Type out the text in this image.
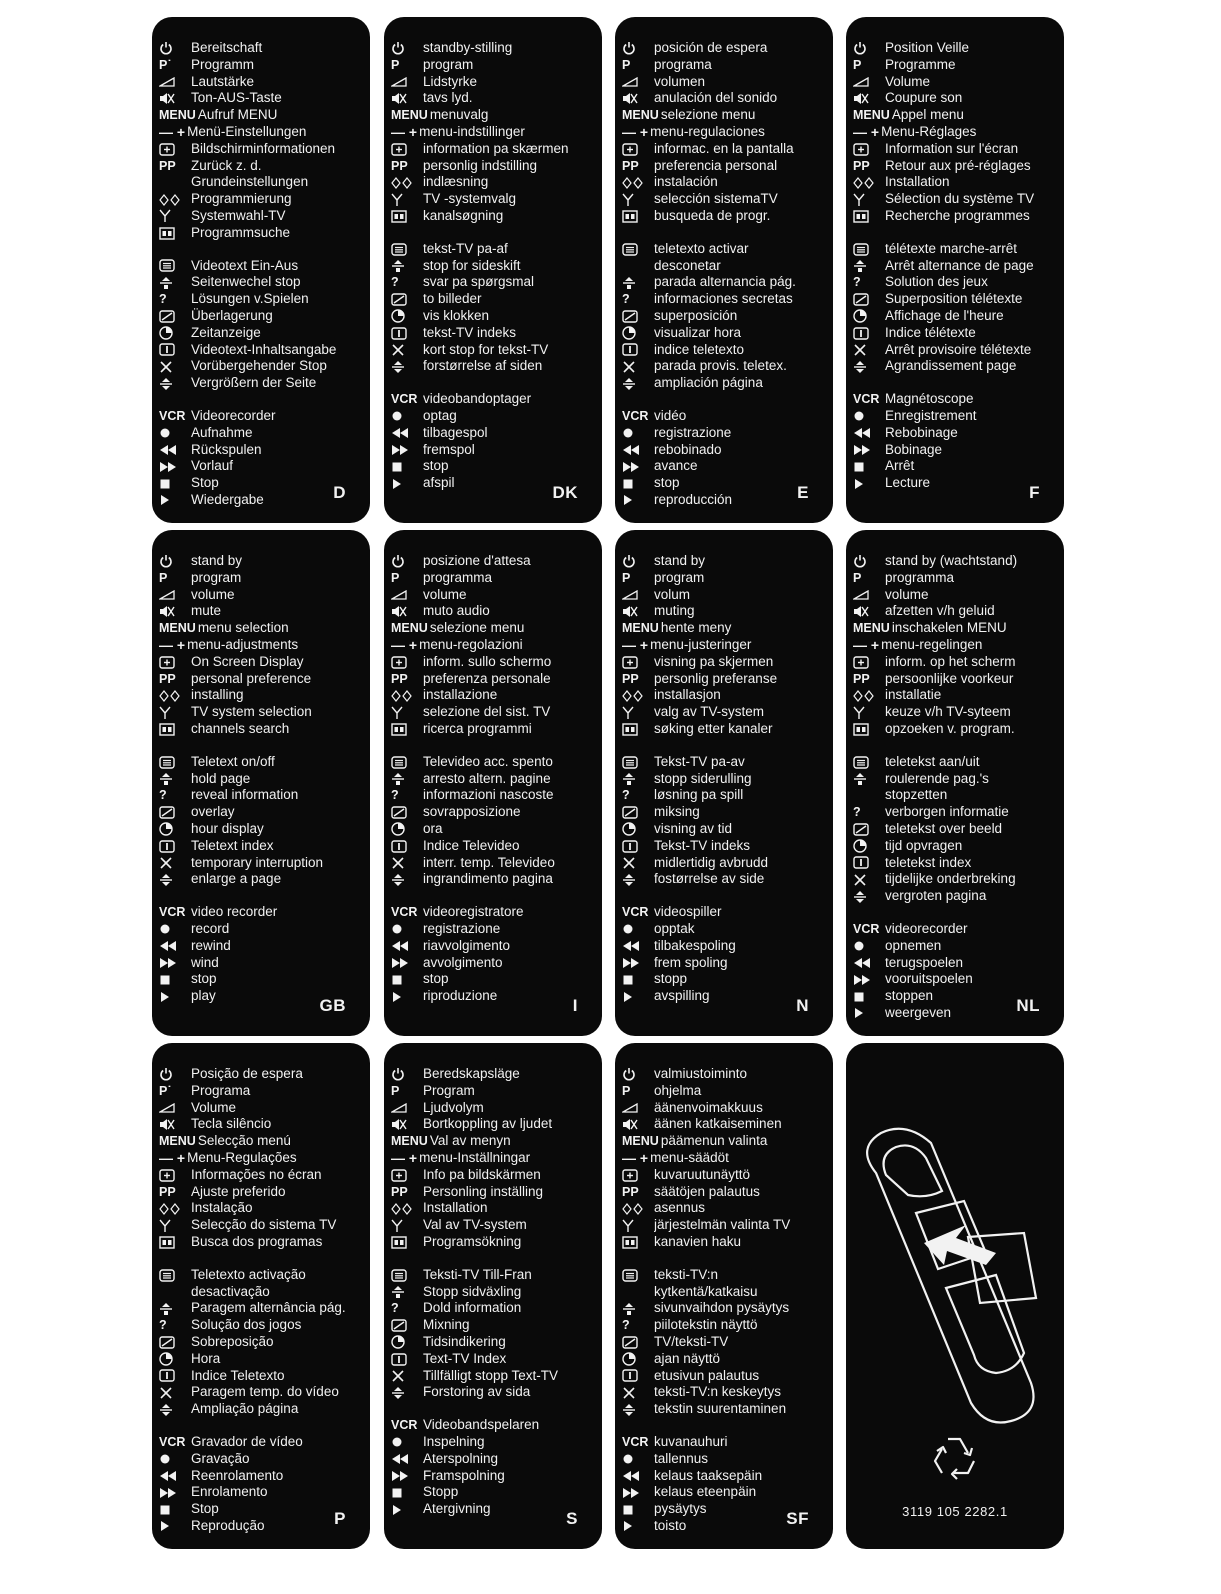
Bereitschaft
P˙	Programm
Lautstärke
Ton-AUS-Taste
MENU Aufruf MENU
— + Menü-Einstellungen
Bildschirminformationen
PP	Zurück z. d.
Grundeinstellungen
Programmierung
Systemwahl-TV
Programmsuche
Videotext Ein-Aus
Seitenwechel stop
?	Lösungen v.Spielen
Überlagerung
Zeitanzeige
Videotext-Inhaltsangabe
Vorübergehender Stop
Vergrößern der Seite
VCR Videorecorder
Aufnahme
Rückspulen
Vorlauf
Stop
Wiedergabe	D
standby-stilling
P	program
Lidstyrke
tavs lyd.
MENU menuvalg
— + menu-indstillinger
information pa skærmen
PP	personlig indstilling
indlæsning
TV -systemvalg
kanalsøgning
tekst-TV pa-af
stop for sideskift
?	svar pa spørgsmal
to billeder
vis klokken
tekst-TV indeks
kort stop for tekst-TV
forstørrelse af siden
VCR videobandoptager
optag
tilbagespol
fremspol
stop
afspil
DK
posición de espera
P	programa
volumen
anulación del sonido
MENU selezione menu
— + menu-regulaciones
informac. en la pantalla
PP	preferencia personal
instalación
selección sistemaTV
busqueda de progr.
teletexto activar
desconetar
parada alternancia pág.
?	informaciones secretas
superposición
visualizar hora
indice teletexto
parada provis. teletex.
ampliación página
VCR vidéo
registrazione
rebobinado
avance
stop
reproducción	E
Position Veille
P	Programme
Volume
Coupure son
MENU Appel menu
— + Menu-Réglages
Information sur l'écran
PP	Retour aux pré-réglages
Installation
Sélection du système TV
Recherche programmes
télétexte marche-arrêt
Arrêt alternance de page
?	Solution des jeux
Superposition télétexte
Affichage de l'heure
Indice télétexte
Arrêt provisoire télétexte
Agrandissement page
VCR Magnétoscope
Enregistrement
Rebobinage
Bobinage
Arrêt
Lecture
F
stand by
P	program
volume
mute
MENU menu selection
— + menu-adjustments
On Screen Display
PP	personal preference
installing
TV system selection
channels search
Teletext on/off
hold page
?	reveal information
overlay
hour display
Teletext index
temporary interruption
enlarge a page
VCR video recorder
record
rewind
wind
stop
play
GB
posizione d'attesa
P	programma
volume
muto audio
MENU selezione menu
— + menu-regolazioni
inform. sullo schermo
PP	preferenza personale
installazione
selezione del sist. TV
ricerca programmi
Televideo acc. spento
arresto altern. pagine
?	informazioni nascoste
sovrapposizione
ora
Indice Televideo
interr. temp. Televideo
ingrandimento pagina
VCR videoregistratore
registrazione
riavvolgimento
avvolgimento
stop
riproduzione
I
stand by
P	program
volum
muting
MENU hente meny
— + menu-justeringer
visning pa skjermen
PP	personlig preferanse
installasjon
valg av TV-system
søking etter kanaler
Tekst-TV pa-av
stopp siderulling
?	løsning pa spill
miksing
visning av tid
Tekst-TV indeks
midlertidig avbrudd
fostørrelse av side
VCR videospiller
opptak
tilbakespoling
frem spoling
stopp
avspilling
N
stand by (wachtstand)
P	programma
volume
afzetten v/h geluid
MENU inschakelen MENU
— + menu-regelingen
inform. op het scherm
PP	persoonlijke voorkeur
installatie
keuze v/h TV-syteem
opzoeken v. program.
teletekst aan/uit
roulerende pag.'s
stopzetten
?	verborgen informatie
teletekst over beeld
tijd opvragen
teletekst index
tijdelijke onderbreking
vergroten pagina
VCR videorecorder
opnemen
terugspoelen
vooruitspoelen
stoppen
weergeven	NL
Posição de espera
P˙	Programa
Volume
Tecla silêncio
MENU Selecção menú
— + Menu-Regulações
Informações no écran
PP	Ajuste preferido
Instalação
Selecção do sistema TV
Busca dos programas
Teletexto activação
desactivação
Paragem alternância pág.
?	Solução dos jogos
Sobreposição
Hora
Indice Teletexto
Paragem temp. do vídeo
Ampliação página
VCR Gravador de vídeo
Gravação
Reenrolamento
Enrolamento
Stop
Reprodução	P
Beredskapsläge
P	Program
Ljudvolym
Bortkoppling av ljudet
MENU Val av menyn
— + menu-Inställningar
Info pa bildskärmen
PP	Personling inställing
Installation
Val av TV-system
Programsökning
Teksti-TV Till-Fran
Stopp sidväxling
?	Dold information
Mixning
Tidsindikering
Text-TV Index
Tillfälligt stopp Text-TV
Forstoring av sida
VCR Videobandspelaren
Inspelning
Aterspolning
Framspolning
Stopp
Atergivning
S
valmiustoiminto
P	ohjelma
äänenvoimakkuus
äänen katkaiseminen
MENU päämenun valinta
— + menu-säädöt
kuvaruutunäyttö
PP	säätöjen palautus
asennus
järjestelmän valinta TV
kanavien haku
teksti-TV:n
kytkentä/katkaisu
sivunvaihdon pysäytys
?	piilotekstin näyttö
TV/teksti-TV
ajan näyttö
etusivun palautus
teksti-TV:n keskeytys
tekstin suurentaminen
VCR kuvanauhuri
tallennus
kelaus taaksepäin
kelaus eteenpäin
pysäytys
toisto	SF	3119 105 2282.1
